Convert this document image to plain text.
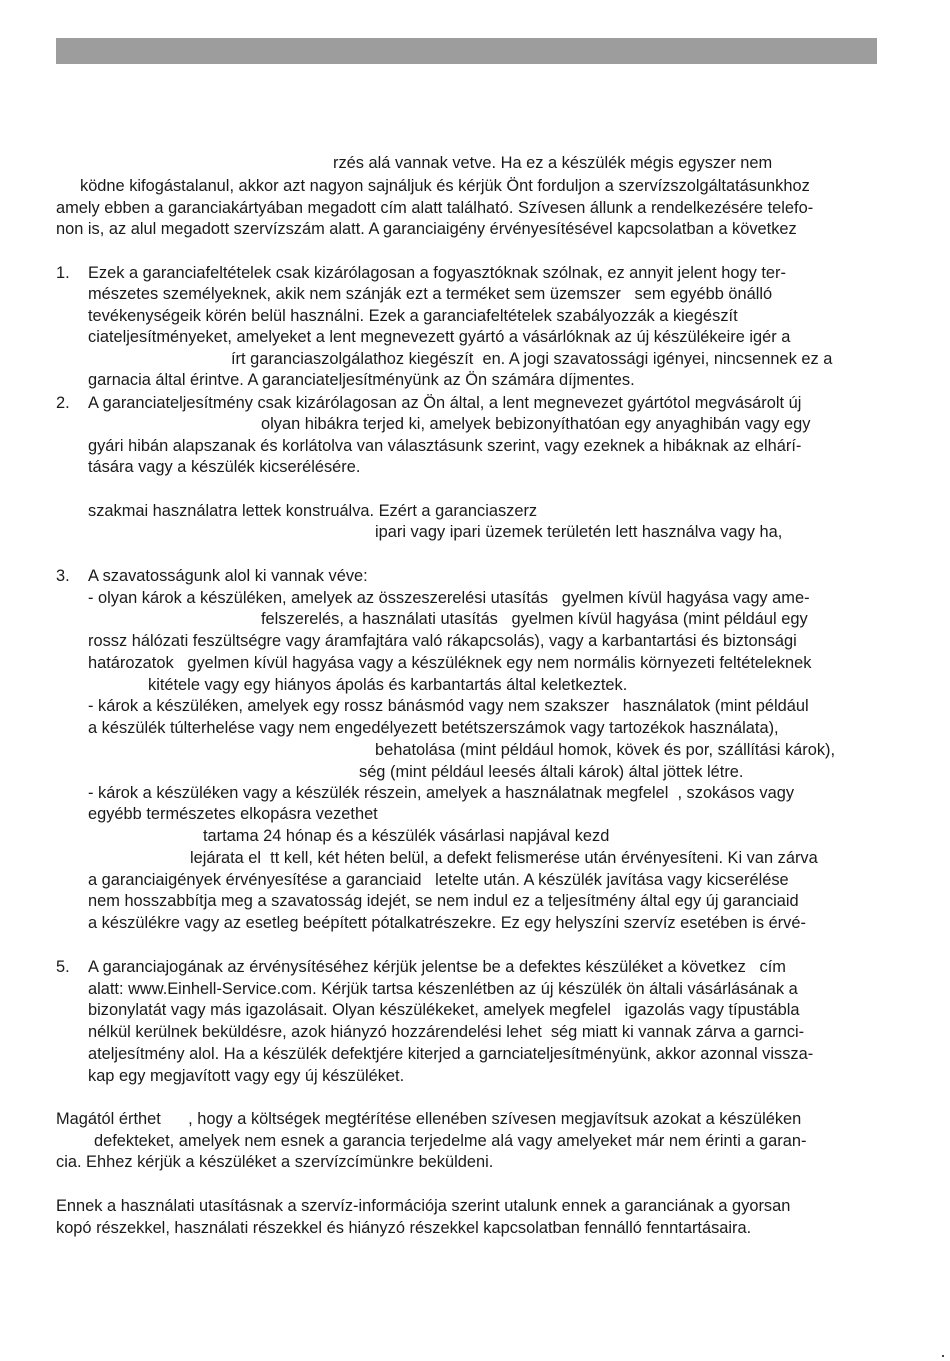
rzés alá vannak vetve. Ha ez a készülék mégis egyszer nem
ködne kifogástalanul, akkor azt nagyon sajnáljuk és kérjük Önt forduljon a szervízszolgáltatásunkhoz
amely ebben a garanciakártyában megadott cím alatt található. Szívesen állunk a rendelkezésére telefo-
non is, az alul megadott szervízszám alatt. A garanciaigény érvényesítésével kapcsolatban a következ
1. Ezek a garanciafeltételek csak kizárólagosan a fogyasztóknak szólnak, ez annyit jelent hogy ter-
mészetes személyeknek, akik nem szánják ezt a terméket sem üzemszer   sem egyébb önálló
tevékenységeik körén belül használni. Ezek a garanciafeltételek szabályozzák a kiegészít
ciateljesítményeket, amelyeket a lent megnevezett gyártó a vásárlóknak az új készülékeire igér a
írt garanciaszolgálathoz kiegészít  en. A jogi szavatossági igényei, nincsennek ez a
garnacia által érintve. A garanciateljesítményünk az Ön számára díjmentes.
2. A garanciateljesítmény csak kizárólagosan az Ön által, a lent megnevezet gyártótol megvásárolt új
olyan hibákra terjed ki, amelyek bebizonyíthatóan egy anyaghibán vagy egy
gyári hibán alapszanak és korlátolva van választásunk szerint, vagy ezeknek a hibáknak az elhárí-
tására vagy a készülék kicserélésére.
szakmai használatra lettek konstruálva. Ezért a garanciaszerz
ipari vagy ipari üzemek területén lett használva vagy ha,
3. A szavatosságunk alol ki vannak véve:
- olyan károk a készüléken, amelyek az összeszerelési utasítás   gyelmen kívül hagyása vagy ame-
felszerelés, a használati utasítás   gyelmen kívül hagyása (mint például egy
rossz hálózati feszültségre vagy áramfajtára való rákapcsolás), vagy a karbantartási és biztonsági
határozatok   gyelmen kívül hagyása vagy a készüléknek egy nem normális környezeti feltételeknek
kitétele vagy egy hiányos ápolás és karbantartás által keletkeztek.
- károk a készüléken, amelyek egy rossz bánásmód vagy nem szakszer   használatok (mint például
a készülék túlterhelése vagy nem engedélyezett betétszerszámok vagy tartozékok használata),
behatolása (mint például homok, kövek és por, szállítási károk),
ség (mint például leesés általi károk) által jöttek létre.
- károk a készüléken vagy a készülék részein, amelyek a használatnak megfelel  , szokásos vagy
egyébb természetes elkopásra vezethet
tartama 24 hónap és a készülék vásárlasi napjával kezd
lejárata el  tt kell, két héten belül, a defekt felismerése után érvényesíteni. Ki van zárva
a garanciaigények érvényesítése a garanciaid   letelte után. A készülék javítása vagy kicserélése
nem hosszabbítja meg a szavatosság idejét, se nem indul ez a teljesítmény által egy új garanciaid
a készülékre vagy az esetleg beépített pótalkatrészekre. Ez egy helyszíni szervíz esetében is érvé-
5. A garanciajogának az érvénysítéséhez kérjük jelentse be a defektes készüléket a következ   cím
alatt: www.Einhell-Service.com. Kérjük tartsa készenlétben az új készülék ön általi vásárlásának a
bizonylatát vagy más igazolásait. Olyan készülékeket, amelyek megfelel   igazolás vagy típustábla
nélkül kerülnek beküldésre, azok hiányzó hozzárendelési lehet  ség miatt ki vannak zárva a garnci-
ateljesítmény alol. Ha a készülék defektjére kiterjed a garnciateljesítményünk, akkor azonnal vissza-
kap egy megjavított vagy egy új készüléket.
Magától érthet      , hogy a költségek megtérítése ellenében szívesen megjavítsuk azokat a készüléken
defekteket, amelyek nem esnek a garancia terjedelme alá vagy amelyeket már nem érinti a garan-
cia. Ehhez kérjük a készüléket a szervízcímünkre beküldeni.
Ennek a használati utasításnak a szervíz-információja szerint utalunk ennek a garanciának a gyorsan
kopó részekkel, használati részekkel és hiányzó részekkel kapcsolatban fennálló fenntartásaira.
